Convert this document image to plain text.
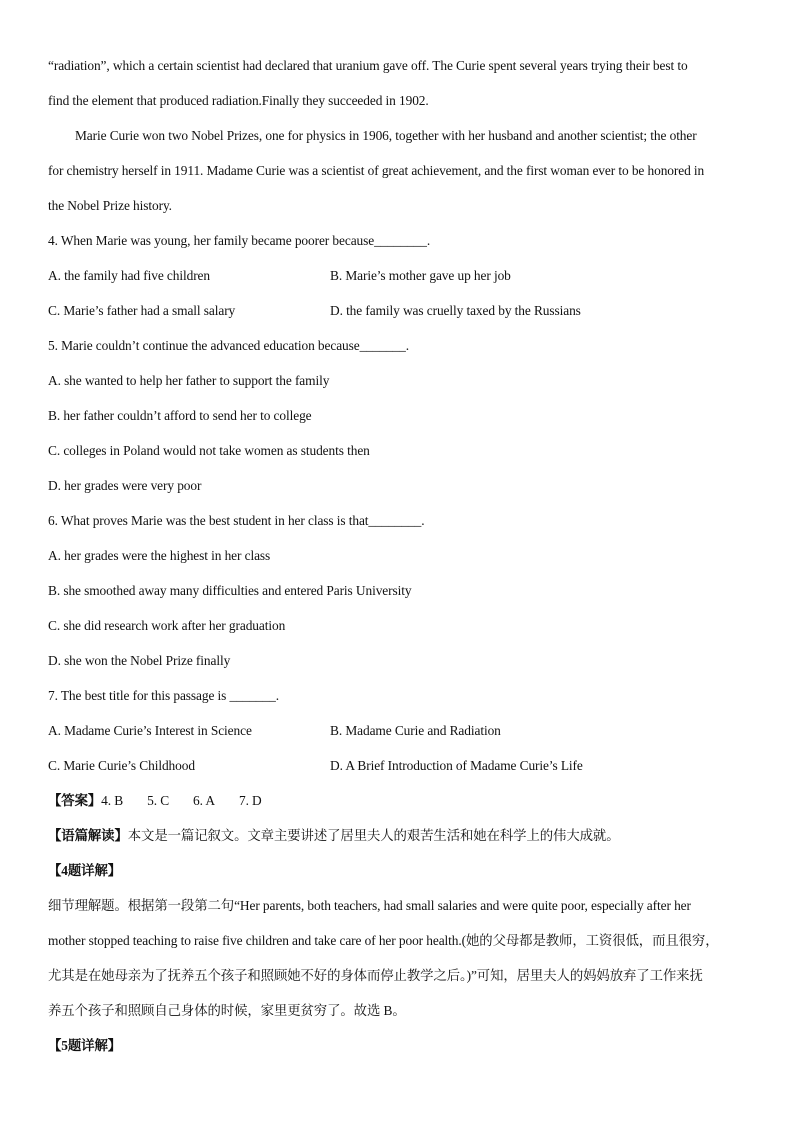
“radiation”, which a certain scientist had declared that uranium gave off. The Curie spent several years trying their best to
find the element that produced radiation.Finally they succeeded in 1902.
Marie Curie won two Nobel Prizes, one for physics in 1906, together with her husband and another scientist; the other
for chemistry herself in 1911. Madame Curie was a scientist of great achievement, and the first woman ever to be honored in
the Nobel Prize history.
4. When Marie was young, her family became poorer because________.
A. the family had five children	B. Marie’s mother gave up her job
C. Marie’s father had a small salary	D. the family was cruelly taxed by the Russians
5. Marie couldn’t continue the advanced education because_______.
A. she wanted to help her father to support the family
B. her father couldn’t afford to send her to college
C. colleges in Poland would not take women as students then
D. her grades were very poor
6. What proves Marie was the best student in her class is that________.
A. her grades were the highest in her class
B. she smoothed away many difficulties and entered Paris University
C. she did research work after her graduation
D. she won the Nobel Prize finally
7. The best title for this passage is _______.
A. Madame Curie’s Interest in Science	B. Madame Curie and Radiation
C. Marie Curie’s Childhood	D. A Brief Introduction of Madame Curie’s Life
【答案】4. B 5. C 6. A 7. D
【语篇解读】本文是一篇记叙文。文章主要讲述了居里夫人的艰苦生活和她在科学上的伟大成就。
【4题详解】
细节理解题。根据第一段第二句“Her parents, both teachers, had small salaries and were quite poor, especially after her
mother stopped teaching to raise five children and take care of her poor health.(她的父母都是教师，工资很低，而且很穷，
尤其是在她母亲为了抚养五个孩子和照顾她不好的身体而停止教学之后。)”可知，居里夫人的妈妈放弃了工作来抚
养五个孩子和照顾自己身体的时候，家里更贫穷了。故选 B。
【5题详解】
